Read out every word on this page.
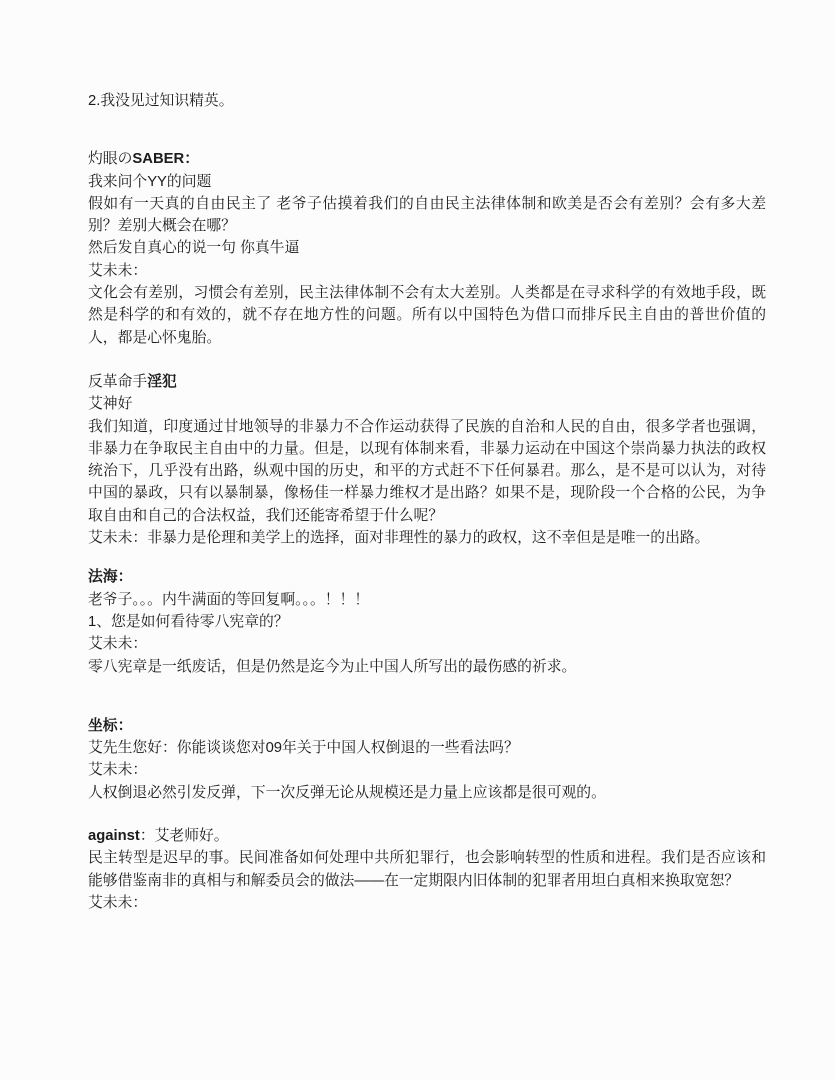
2.我没见过知识精英。

灼眼のSABER：

我来问个YY的问题

假如有一天真的自由民主了 老爷子估摸着我们的自由民主法律体制和欧美是否会有差别？会有多大差别？差别大概会在哪？

然后发自真心的说一句 你真牛逼

艾未未：

文化会有差别，习惯会有差别，民主法律体制不会有太大差别。人类都是在寻求科学的有效地手段，既然是科学的和有效的，就不存在地方性的问题。所有以中国特色为借口而排斥民主自由的普世价值的人，都是心怀鬼胎。

反革命手淫犯

艾神好

我们知道，印度通过甘地领导的非暴力不合作运动获得了民族的自治和人民的自由，很多学者也强调，非暴力在争取民主自由中的力量。但是，以现有体制来看，非暴力运动在中国这个崇尚暴力执法的政权统治下，几乎没有出路，纵观中国的历史，和平的方式赶不下任何暴君。那么，是不是可以认为，对待中国的暴政，只有以暴制暴，像杨佳一样暴力维权才是出路？如果不是，现阶段一个合格的公民，为争取自由和自己的合法权益，我们还能寄希望于什么呢？

艾未未：非暴力是伦理和美学上的选择，面对非理性的暴力的政权，这不幸但是是唯一的出路。

法海：

老爷子。。。内牛满面的等回复啊。。。！！！

1、您是如何看待零八宪章的？

艾未未：

零八宪章是一纸废话，但是仍然是迄今为止中国人所写出的最伤感的祈求。

坐标：

艾先生您好：你能谈谈您对09年关于中国人权倒退的一些看法吗？

艾未未：

人权倒退必然引发反弹，下一次反弹无论从规模还是力量上应该都是很可观的。

against：艾老师好。

民主转型是迟早的事。民间准备如何处理中共所犯罪行，也会影响转型的性质和进程。我们是否应该和能够借鉴南非的真相与和解委员会的做法——在一定期限内旧体制的犯罪者用坦白真相来换取宽恕？

艾未未：
